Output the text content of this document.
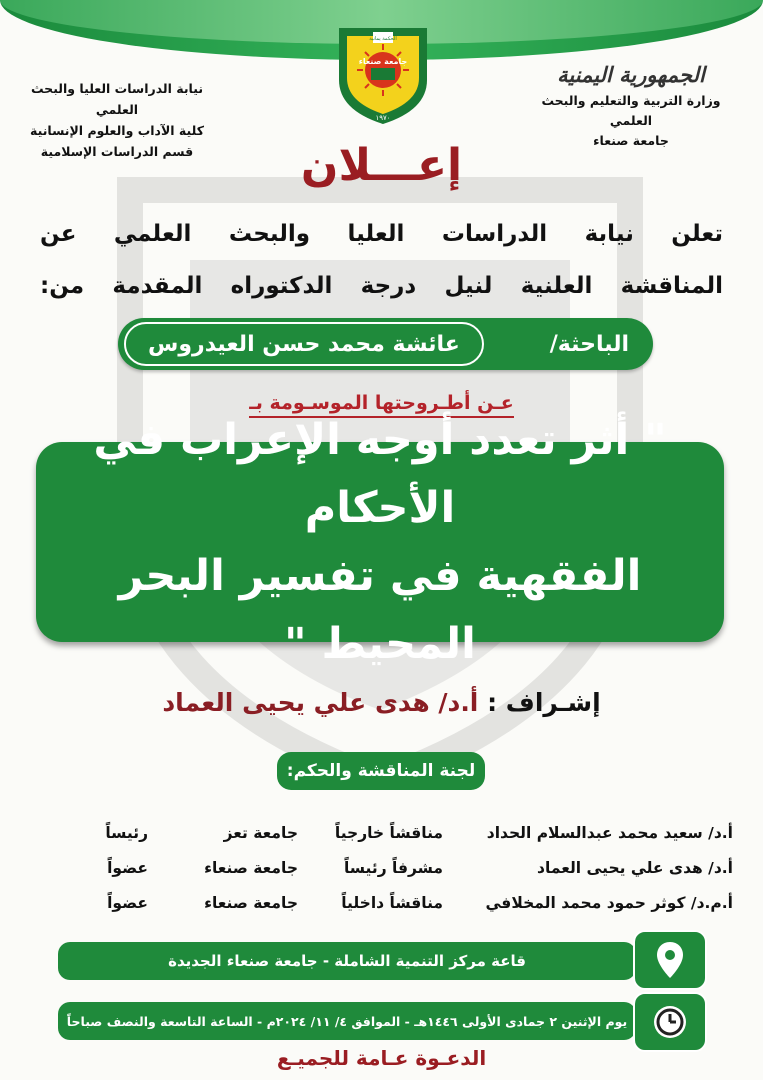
الجمهورية اليمنية
وزارة التربية والتعليم والبحث العلمي
جامعة صنعاء
نيابة الدراسات العليا والبحث العلمي
كلية الآداب والعلوم الإنسانية
قسم الدراسات الإسلامية
الحكمة يمانية
جامعة صنعاء
١٩٧٠
إعـــلان
تعلن نيابة الدراسات العليا والبحث العلمي عن
المناقشة العلنية لنيل درجة الدكتوراه المقدمة من:
الباحثة/
عائشة محمد حسن العيدروس
عـن أطـروحتها الموسـومة بـ
" أثر تعدد أوجه الإعراب في الأحكام
الفقهية في تفسير البحر المحيط "
إشـراف : أ.د/ هدى علي يحيى العماد
لجنة المناقشة والحكم:
أ.د/ سعيد محمد عبدالسلام الحداد
مناقشاً خارجياً
جامعة تعز
رئيساً
أ.د/ هدى علي يحيى العماد
مشرفاً رئيساً
جامعة صنعاء
عضواً
أ.م.د/ كوثر حمود محمد المخلافي
مناقشاً داخلياً
جامعة صنعاء
عضواً
قاعة مركز التنمية الشاملة - جامعة صنعاء الجديدة
يوم الإثنين ٢ جمادى الأولى ١٤٤٦هـ - الموافق ٤/ ١١/ ٢٠٢٤م - الساعة التاسعة والنصف صباحاً
الدعـوة عـامة للجميـع
